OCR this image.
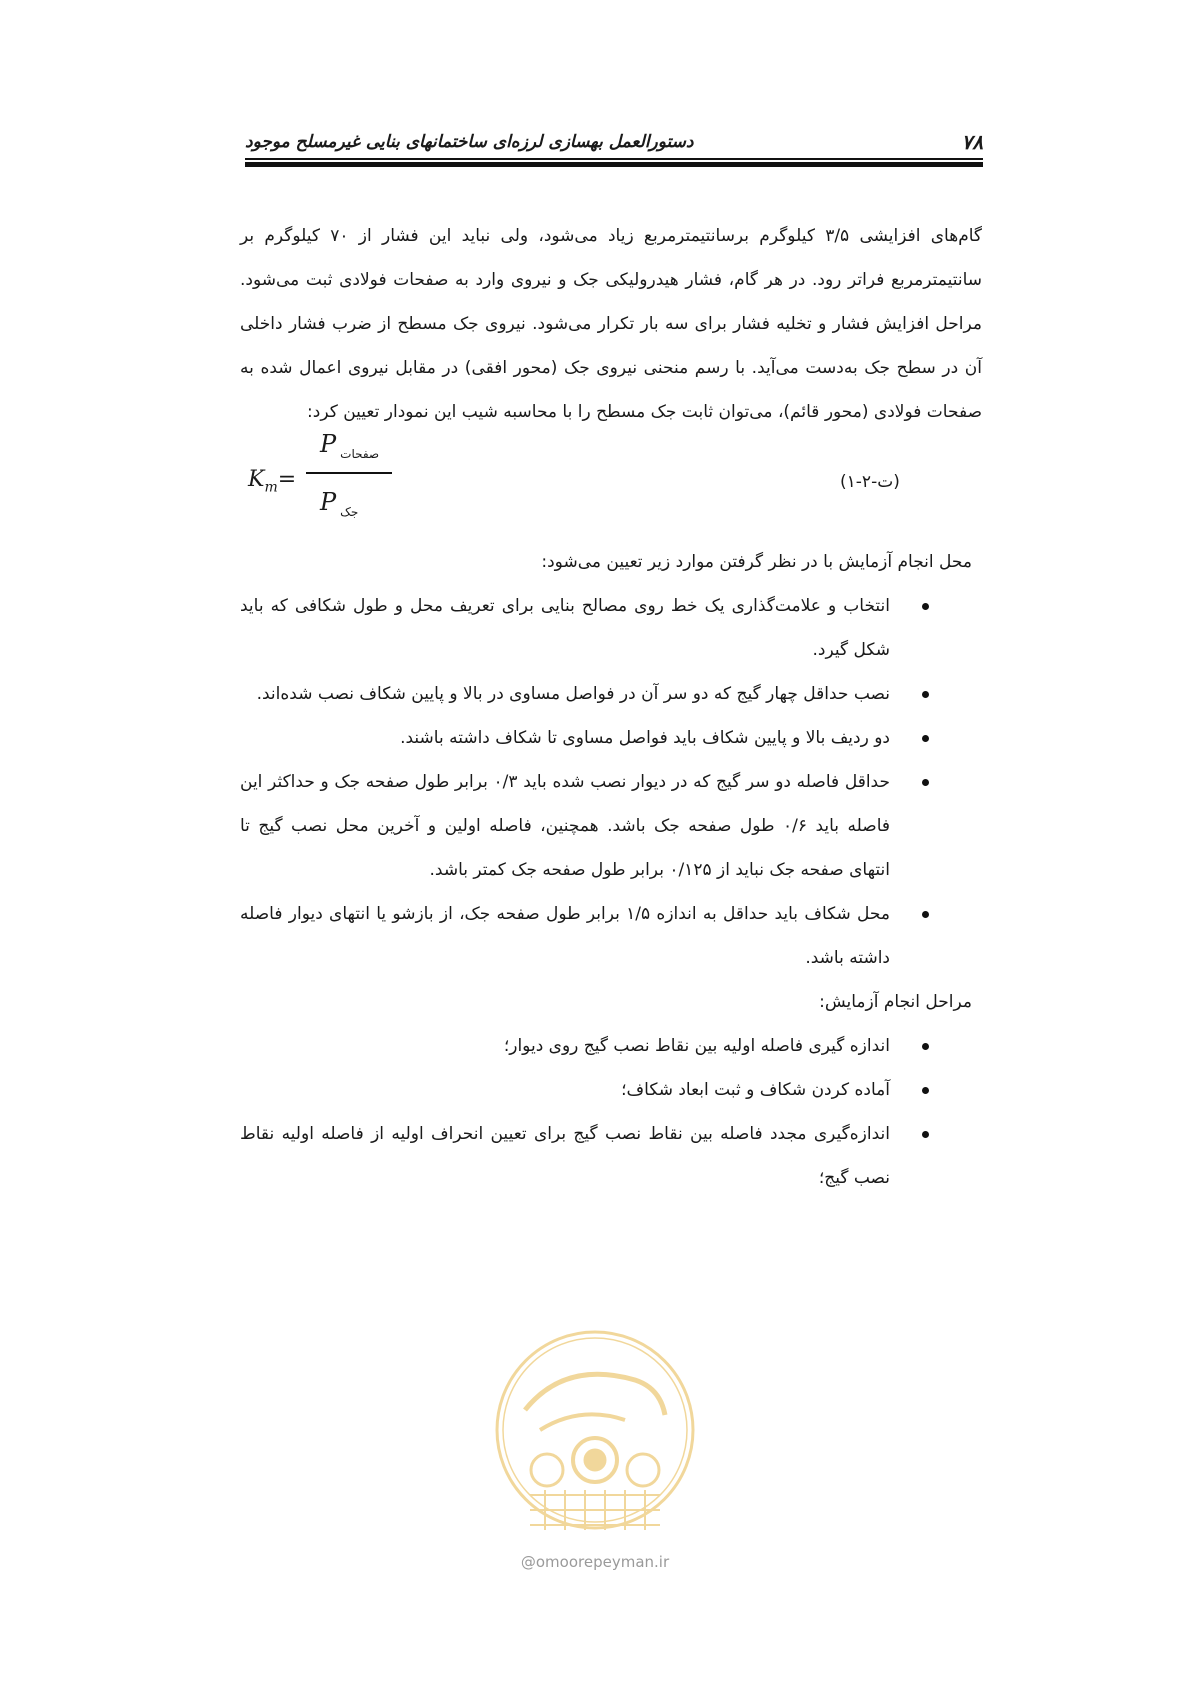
۷۸
دستورالعمل بهسازی لرزه‌ای ساختمانهای بنایی غیرمسلح موجود

گام‌های افزایشی ۳/۵ کیلوگرم برسانتیمترمربع زیاد می‌شود، ولی نباید این فشار از ۷۰ کیلوگرم بر سانتیمترمربع فراتر رود. در هر گام، فشار هیدرولیکی جک و نیروی وارد به صفحات فولادی ثبت می‌شود. مراحل افزایش فشار و تخلیه فشار برای سه بار تکرار می‌شود. نیروی جک مسطح از ضرب فشار داخلی آن در سطح جک به‌دست می‌آید. با رسم منحنی نیروی جک (محور افقی) در مقابل نیروی اعمال شده به صفحات فولادی (محور قائم)، می‌توان ثابت جک مسطح را با محاسبه شیب این نمودار تعیین کرد:

$K_m=$
P $_{صفحات}$
P $_{جک}$
(ت-۲-۱)

محل انجام آزمایش با در نظر گرفتن موارد زیر تعیین می‌شود:

انتخاب و علامت‌گذاری یک خط روی مصالح بنایی برای تعریف محل و طول شکافی که باید شکل گیرد.
نصب حداقل چهار گیج که دو سر آن در فواصل مساوی در بالا و پایین شکاف نصب شده‌اند.
دو ردیف بالا و پایین شکاف باید فواصل مساوی تا شکاف داشته باشند.
حداقل فاصله دو سر گیج که در دیوار نصب شده باید ۰/۳ برابر طول صفحه جک و حداکثر این فاصله باید ۰/۶ طول صفحه جک باشد. همچنین، فاصله اولین و آخرین محل نصب گیج تا انتهای صفحه جک نباید از ۰/۱۲۵ برابر طول صفحه جک کمتر باشد.
محل شکاف باید حداقل به اندازه ۱/۵ برابر طول صفحه جک، از بازشو یا انتهای دیوار فاصله داشته باشد.

مراحل انجام آزمایش:

اندازه گیری فاصله اولیه بین نقاط نصب گیج روی دیوار؛
آماده کردن شکاف و ثبت ابعاد شکاف؛
اندازه‌گیری مجدد فاصله بین نقاط نصب گیج برای تعیین انحراف اولیه از فاصله اولیه نقاط نصب گیج؛
@omoorepeyman.ir
